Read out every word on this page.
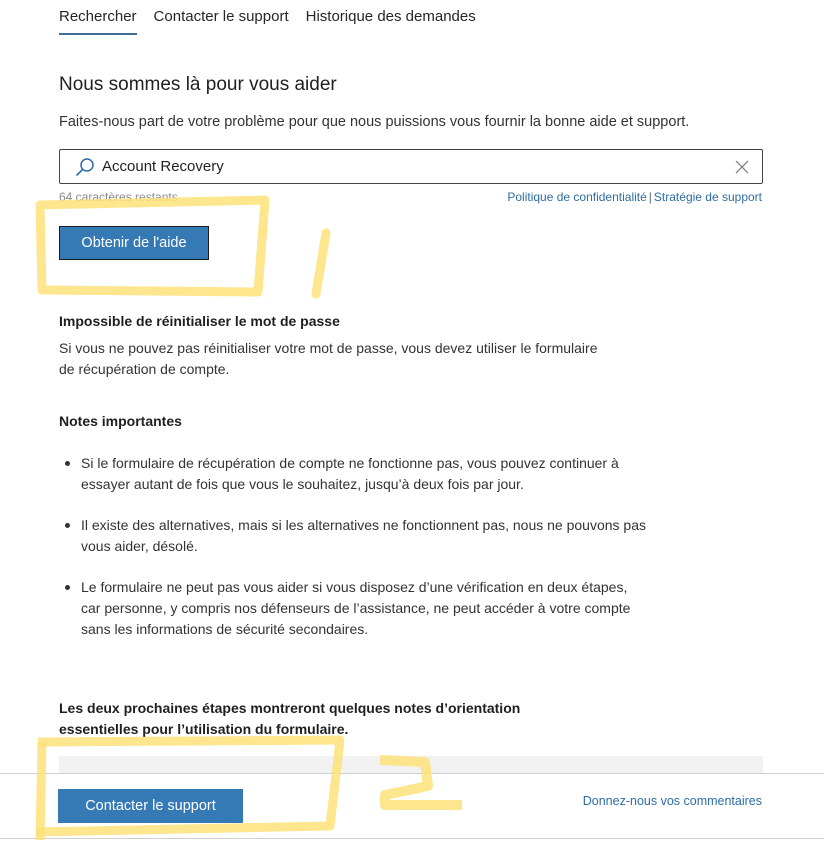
Rechercher Contacter le support Historique des demandes
Nous sommes là pour vous aider

Faites-nous part de votre problème pour que nous puissions vous fournir la bonne aide et support.

Account Recovery
64 caractères restants	Politique de confidentialité | Stratégie de support
Obtenir de l'aide
Impossible de réinitialiser le mot de passe

Si vous ne pouvez pas réinitialiser votre mot de passe, vous devez utiliser le formulaire de récupération de compte.

Notes importantes
Si le formulaire de récupération de compte ne fonctionne pas, vous pouvez continuer à essayer autant de fois que vous le souhaitez, jusqu’à deux fois par jour.
Il existe des alternatives, mais si les alternatives ne fonctionnent pas, nous ne pouvons pas vous aider, désolé.
Le formulaire ne peut pas vous aider si vous disposez d’une vérification en deux étapes, car personne, y compris nos défenseurs de l’assistance, ne peut accéder à votre compte sans les informations de sécurité secondaires.

Les deux prochaines étapes montreront quelques notes d’orientation essentielles pour l’utilisation du formulaire.

Contacter le support	Donnez-nous vos commentaires
